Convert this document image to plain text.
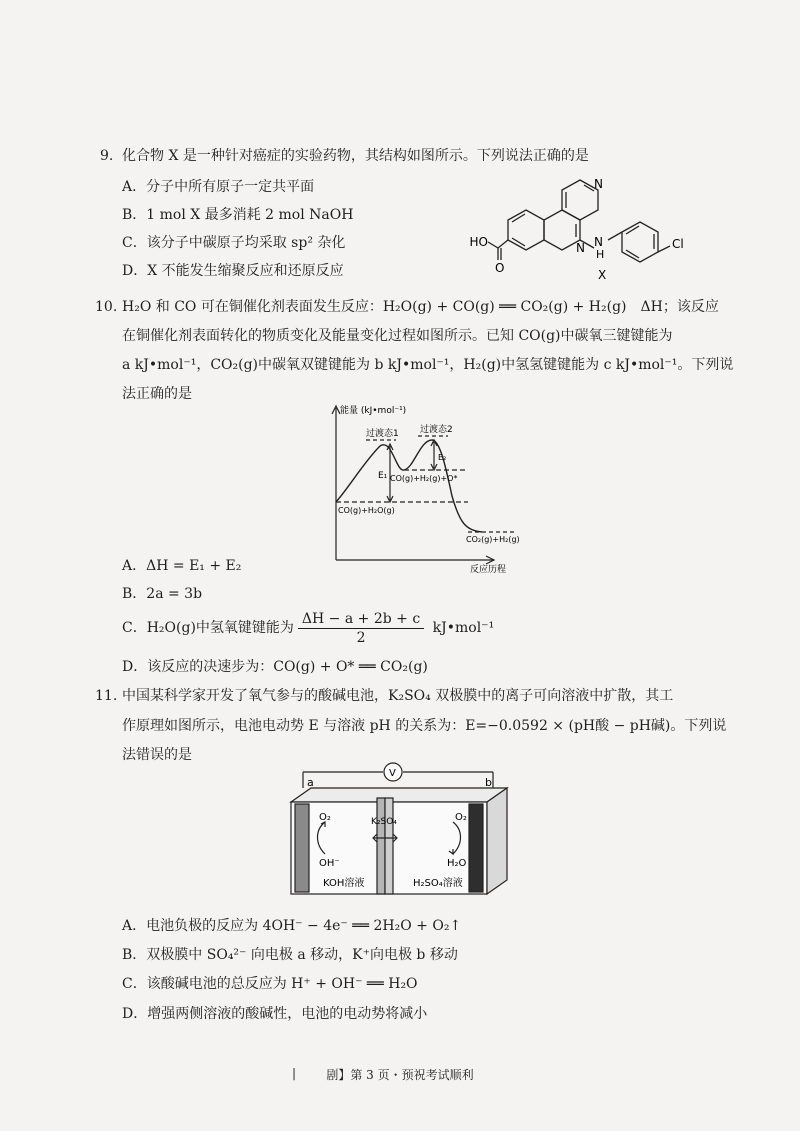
9. 化合物 X 是一种针对癌症的实验药物，其结构如图所示。下列说法正确的是
A．分子中所有原子一定共平面
B．1 mol X 最多消耗 2 mol NaOH
C．该分子中碳原子均采取 sp² 杂化
D．X 不能发生缩聚反应和还原反应
N
N N
H
HO
O
Cl
X
10. H₂O 和 CO 可在铜催化剂表面发生反应：H₂O(g) + CO(g) ══ CO₂(g) + H₂(g)　ΔH；该反应
在铜催化剂表面转化的物质变化及能量变化过程如图所示。已知 CO(g)中碳氧三键键能为
a kJ•mol⁻¹，CO₂(g)中碳氧双键键能为 b kJ•mol⁻¹，H₂(g)中氢氢键键能为 c kJ•mol⁻¹。下列说
法正确的是
能量 (kJ•mol⁻¹)
反应历程
过渡态1 过渡态2
E₁
E₂
CO(g)+H₂(g)+O*
CO(g)+H₂O(g)
CO₂(g)+H₂(g)
A．ΔH = E₁ + E₂
B．2a = 3b
C．H₂O(g)中氢氧键键能为 $\frac{\Delta H - a + 2b + c}{2}$ kJ•mol⁻¹
D．该反应的决速步为：CO(g) + O* ══ CO₂(g)
11. 中国某科学家开发了氧气参与的酸碱电池，K₂SO₄ 双极膜中的离子可向溶液中扩散，其工
作原理如图所示，电池电动势 E 与溶液 pH 的关系为：E=−0.0592 × (pH酸 − pH碱)。下列说
法错误的是
V
a	b
O₂
OH⁻
K₂SO₄	O₂
H₂O
KOH溶液	H₂SO₄溶液
A．电池负极的反应为 4OH⁻ − 4e⁻ ══ 2H₂O + O₂↑
B．双极膜中 SO₄²⁻ 向电极 a 移动，K⁺向电极 b 移动
C．该酸碱电池的总反应为 H⁺ + OH⁻ ══ H₂O
D．增强两侧溶液的酸碱性，电池的电动势将减小
|	剧】第 3 页・预祝考试顺利
